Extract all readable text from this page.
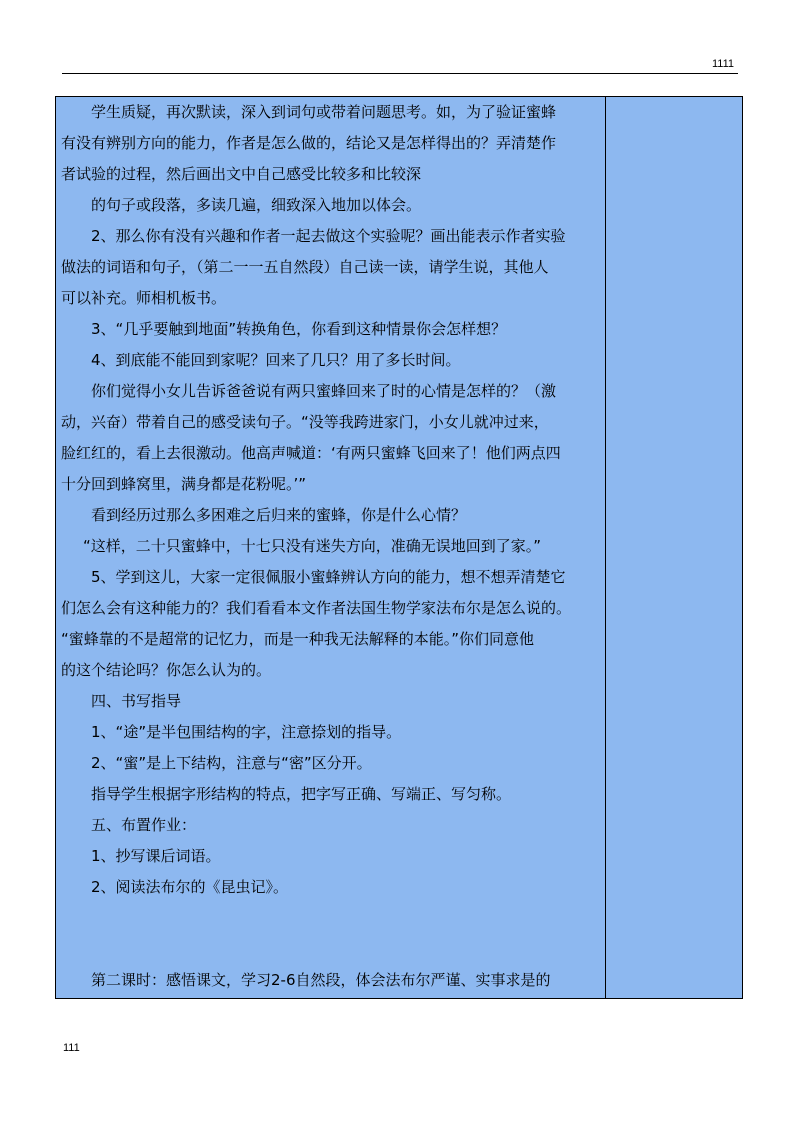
1111
学生质疑，再次默读，深入到词句或带着问题思考。如，为了验证蜜蜂
有没有辨别方向的能力，作者是怎么做的，结论又是怎样得出的？弄清楚作
者试验的过程，然后画出文中自己感受比较多和比较深
的句子或段落，多读几遍，细致深入地加以体会。
2、那么你有没有兴趣和作者一起去做这个实验呢？画出能表示作者实验
做法的词语和句子，（第二一一五自然段）自己读一读，请学生说，其他人
可以补充。师相机板书。
3、“几乎要触到地面”转换角色，你看到这种情景你会怎样想？
4、到底能不能回到家呢？回来了几只？用了多长时间。
你们觉得小女儿告诉爸爸说有两只蜜蜂回来了时的心情是怎样的？（激
动，兴奋）带着自己的感受读句子。“没等我跨进家门，小女儿就冲过来，
脸红红的，看上去很激动。他高声喊道：‘有两只蜜蜂飞回来了！他们两点四
十分回到蜂窝里，满身都是花粉呢。’”
看到经历过那么多困难之后归来的蜜蜂，你是什么心情？
“这样，二十只蜜蜂中，十七只没有迷失方向，准确无误地回到了家。”
5、学到这儿，大家一定很佩服小蜜蜂辨认方向的能力，想不想弄清楚它
们怎么会有这种能力的？我们看看本文作者法国生物学家法布尔是怎么说的。
“蜜蜂靠的不是超常的记忆力，而是一种我无法解释的本能。”你们同意他
的这个结论吗？你怎么认为的。
四、书写指导
1、“途”是半包围结构的字，注意捺划的指导。
2、“蜜”是上下结构，注意与“密”区分开。
指导学生根据字形结构的特点，把字写正确、写端正、写匀称。
五、布置作业：
1、抄写课后词语。
2、阅读法布尔的《昆虫记》。
第二课时：感悟课文，学习2-6自然段，体会法布尔严谨、实事求是的
111
